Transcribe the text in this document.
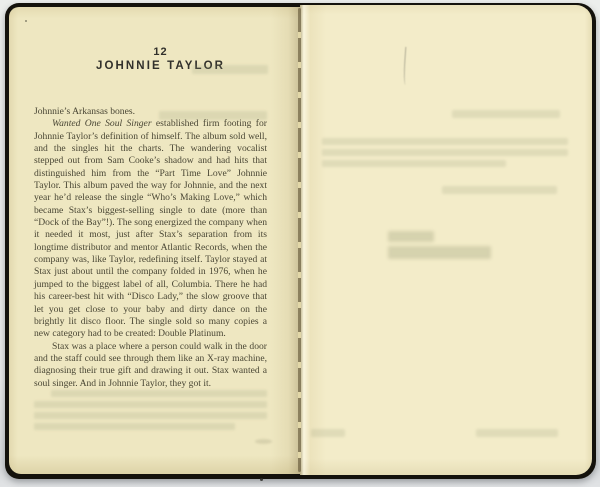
12
JOHNNIE TAYLOR

Johnnie’s Arkansas bones.

Wanted One Soul Singer established firm footing for Johnnie Taylor’s definition of himself. The album sold well, and the singles hit the charts. The wandering vocalist stepped out from Sam Cooke’s shadow and had hits that distinguished him from the “Part Time Love” Johnnie Taylor. This album paved the way for Johnnie, and the next year he’d release the single “Who’s Making Love,” which became Stax’s biggest-selling single to date (more than “Dock of the Bay”!). The song energized the company when it needed it most, just after Stax’s separation from its longtime distributor and mentor Atlantic Records, when the company was, like Taylor, redefining itself. Taylor stayed at Stax just about until the company folded in 1976, when he jumped to the biggest label of all, Columbia. There he had his career-best hit with “Disco Lady,” the slow groove that let you get close to your baby and dirty dance on the brightly lit disco floor. The single sold so many copies a new category had to be created: Double Platinum.

Stax was a place where a person could walk in the door and the staff could see through them like an X-ray machine, diagnosing their true gift and drawing it out. Stax wanted a soul singer. And in Johnnie Taylor, they got it.
